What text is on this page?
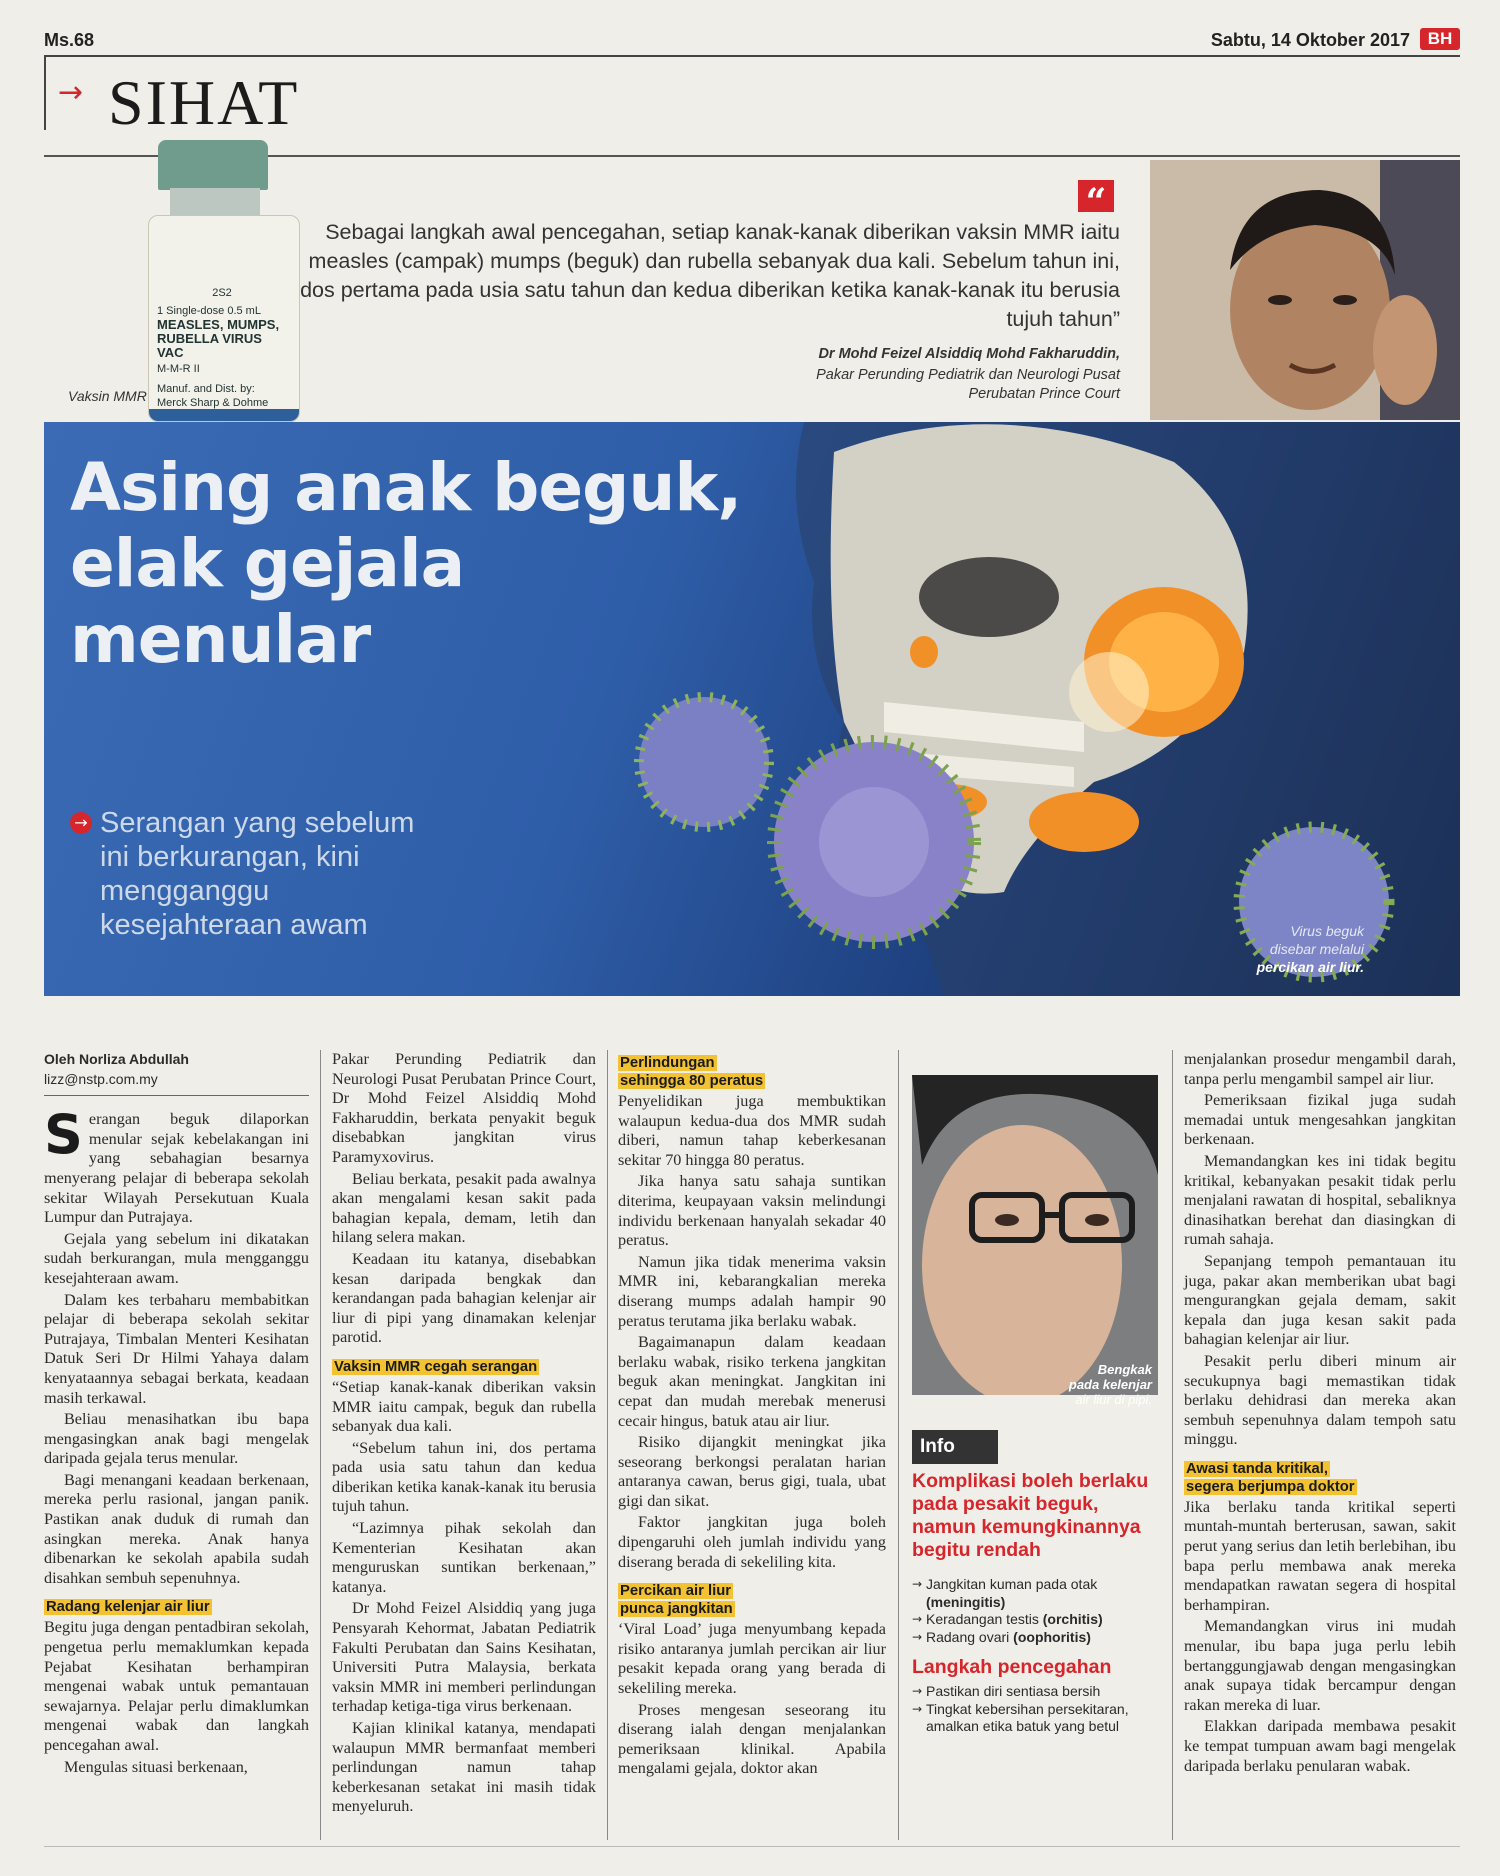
Ms.68	Sabtu, 14 Oktober 2017	BH
→ SIHAT
2S2
1 Single-dose 0.5 mL
MEASLES, MUMPS,
RUBELLA VIRUS VAC
M-M-R II
Manuf. and Dist. by:
Merck Sharp & Dohme
Vaksin MMR
“
Sebagai langkah awal pencegahan, setiap kanak-kanak diberikan vaksin MMR iaitu measles (campak) mumps (beguk) dan rubella sebanyak dua kali. Sebelum tahun ini, dos pertama pada usia satu tahun dan kedua diberikan ketika kanak-kanak itu berusia tujuh tahun”
Dr Mohd Feizel Alsiddiq Mohd Fakharuddin,
Pakar Perunding Pediatrik dan Neurologi Pusat
Perubatan Prince Court
Asing anak beguk,
elak gejala
menular
→ Serangan yang sebelum ini berkurangan, kini mengganggu kesejahteraan awam	Virus beguk
disebar melalui
percikan air liur.
Oleh Norliza Abdullah
lizz@nstp.com.my

Serangan beguk dilaporkan menular sejak kebelakangan ini yang sebahagian besarnya menyerang pelajar di beberapa sekolah sekitar Wilayah Persekutuan Kuala Lumpur dan Putrajaya.

Gejala yang sebelum ini dikatakan sudah berkurangan, mula mengganggu kesejahteraan awam.

Dalam kes terbaharu membabitkan pelajar di beberapa sekolah sekitar Putrajaya, Timbalan Menteri Kesihatan Datuk Seri Dr Hilmi Yahaya dalam kenyataannya sebagai berkata, keadaan masih terkawal.

Beliau menasihatkan ibu bapa mengasingkan anak bagi mengelak daripada gejala terus menular.

Bagi menangani keadaan berkenaan, mereka perlu rasional, jangan panik. Pastikan anak duduk di rumah dan asingkan mereka. Anak hanya dibenarkan ke sekolah apabila sudah disahkan sembuh sepenuhnya.

Radang kelenjar air liur

Begitu juga dengan pentadbiran sekolah, pengetua perlu memaklumkan kepada Pejabat Kesihatan berhampiran mengenai wabak untuk pemantauan sewajarnya. Pelajar perlu dimaklumkan mengenai wabak dan langkah pencegahan awal.

Mengulas situasi berkenaan,

Pakar Perunding Pediatrik dan Neurologi Pusat Perubatan Prince Court, Dr Mohd Feizel Alsiddiq Mohd Fakharuddin, berkata penyakit beguk disebabkan jangkitan virus Paramyxovirus.

Beliau berkata, pesakit pada awalnya akan mengalami kesan sakit pada bahagian kepala, demam, letih dan hilang selera makan.

Keadaan itu katanya, disebabkan kesan daripada bengkak dan kerandangan pada bahagian kelenjar air liur di pipi yang dinamakan kelenjar parotid.

Vaksin MMR cegah serangan

“Setiap kanak-kanak diberikan vaksin MMR iaitu campak, beguk dan rubella sebanyak dua kali.

“Sebelum tahun ini, dos pertama pada usia satu tahun dan kedua diberikan ketika kanak-kanak itu berusia tujuh tahun.

“Lazimnya pihak sekolah dan Kementerian Kesihatan akan menguruskan suntikan berkenaan,” katanya.

Dr Mohd Feizel Alsiddiq yang juga Pensyarah Kehormat, Jabatan Pediatrik Fakulti Perubatan dan Sains Kesihatan, Universiti Putra Malaysia, berkata vaksin MMR ini memberi perlindungan terhadap ketiga-tiga virus berkenaan.

Kajian klinikal katanya, mendapati walaupun MMR bermanfaat memberi perlindungan namun tahap keberkesanan setakat ini masih tidak menyeluruh.

Perlindungan
sehingga 80 peratus

Penyelidikan juga membuktikan walaupun kedua-dua dos MMR sudah diberi, namun tahap keberkesanan sekitar 70 hingga 80 peratus.

Jika hanya satu sahaja suntikan diterima, keupayaan vaksin melindungi individu berkenaan hanyalah sekadar 40 peratus.

Namun jika tidak menerima vaksin MMR ini, kebarangkalian mereka diserang mumps adalah hampir 90 peratus terutama jika berlaku wabak.

Bagaimanapun dalam keadaan berlaku wabak, risiko terkena jangkitan beguk akan meningkat. Jangkitan ini cepat dan mudah merebak menerusi cecair hingus, batuk atau air liur.

Risiko dijangkit meningkat jika seseorang berkongsi peralatan harian antaranya cawan, berus gigi, tuala, ubat gigi dan sikat.

Faktor jangkitan juga boleh dipengaruhi oleh jumlah individu yang diserang berada di sekeliling kita.

Percikan air liur
punca jangkitan

‘Viral Load’ juga menyumbang kepada risiko antaranya jumlah percikan air liur pesakit kepada orang yang berada di sekeliling mereka.

Proses mengesan seseorang itu diserang ialah dengan menjalankan pemeriksaan klinikal. Apabila mengalami gejala, doktor akan

Bengkak
pada kelenjar
air liur di pipi.
Info
Komplikasi boleh berlaku pada pesakit beguk, namun kemungkinannya begitu rendah
→ Jangkitan kuman pada otak (meningitis)
→ Keradangan testis (orchitis)
→ Radang ovari (oophoritis)
Langkah pencegahan
→ Pastikan diri sentiasa bersih
→ Tingkat kebersihan persekitaran, amalkan etika batuk yang betul

menjalankan prosedur mengambil darah, tanpa perlu mengambil sampel air liur.

Pemeriksaan fizikal juga sudah memadai untuk mengesahkan jangkitan berkenaan.

Memandangkan kes ini tidak begitu kritikal, kebanyakan pesakit tidak perlu menjalani rawatan di hospital, sebaliknya dinasihatkan berehat dan diasingkan di rumah sahaja.

Sepanjang tempoh pemantauan itu juga, pakar akan memberikan ubat bagi mengurangkan gejala demam, sakit kepala dan juga kesan sakit pada bahagian kelenjar air liur.

Pesakit perlu diberi minum air secukupnya bagi memastikan tidak berlaku dehidrasi dan mereka akan sembuh sepenuhnya dalam tempoh satu minggu.

Awasi tanda kritikal,
segera berjumpa doktor

Jika berlaku tanda kritikal seperti muntah-muntah berterusan, sawan, sakit perut yang serius dan letih berlebihan, ibu bapa perlu membawa anak mereka mendapatkan rawatan segera di hospital berhampiran.

Memandangkan virus ini mudah menular, ibu bapa juga perlu lebih bertanggungjawab dengan mengasingkan anak supaya tidak bercampur dengan rakan mereka di luar.

Elakkan daripada membawa pesakit ke tempat tumpuan awam bagi mengelak daripada berlaku penularan wabak.
